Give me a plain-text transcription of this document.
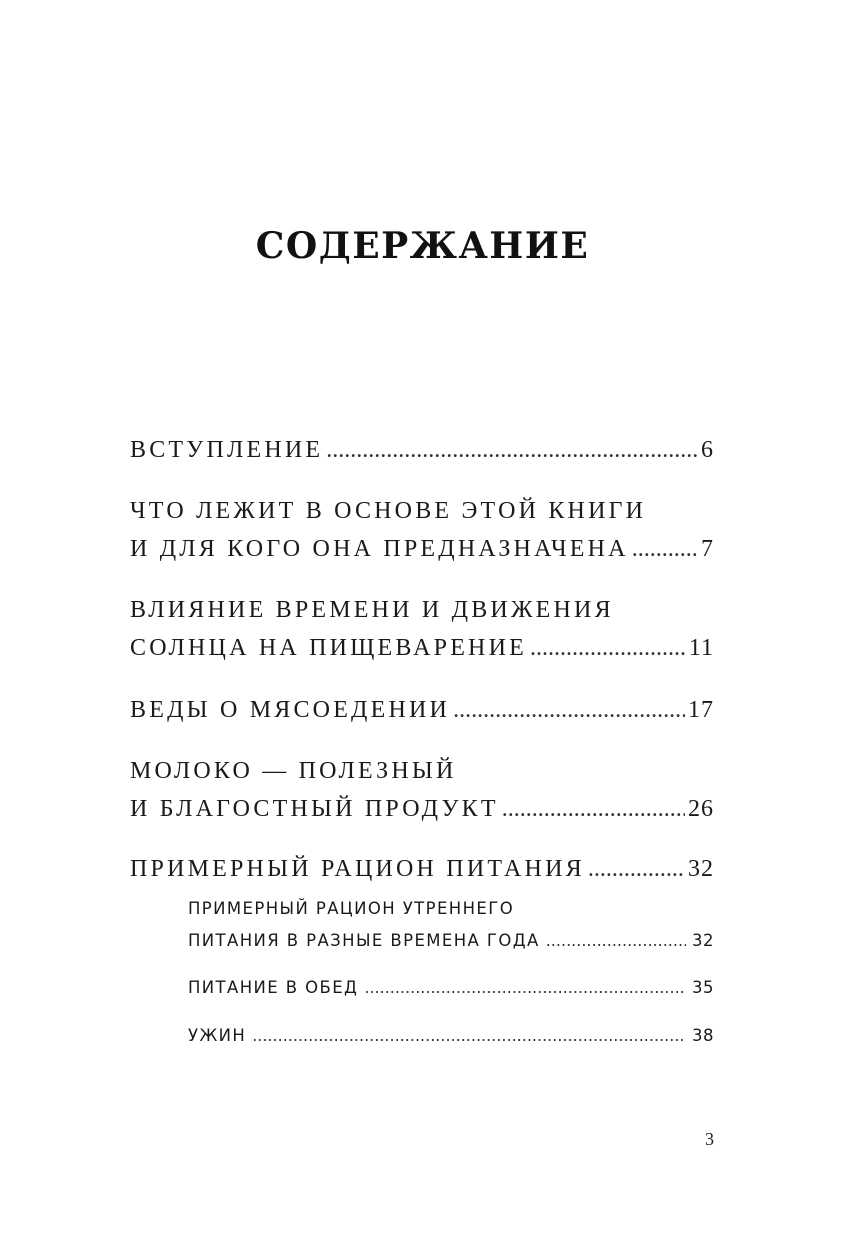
СОДЕРЖАНИЕ
ВСТУПЛЕНИЕ .....	6
ЧТО ЛЕЖИТ В ОСНОВЕ ЭТОЙ КНИГИ
И ДЛЯ КОГО ОНА ПРЕДНАЗНАЧЕНА .....	7
ВЛИЯНИЕ ВРЕМЕНИ И ДВИЖЕНИЯ
СОЛНЦА НА ПИЩЕВАРЕНИЕ .....	11
ВЕДЫ О МЯСОЕДЕНИИ .....	17
МОЛОКО — ПОЛЕЗНЫЙ
И БЛАГОСТНЫЙ ПРОДУКТ .....	26
ПРИМЕРНЫЙ РАЦИОН ПИТАНИЯ .....	32
ПРИМЕРНЫЙ РАЦИОН УТРЕННЕГО
ПИТАНИЯ В РАЗНЫЕ ВРЕМЕНА ГОДА .....	32
ПИТАНИЕ В ОБЕД .....	35
УЖИН .....	38
3
